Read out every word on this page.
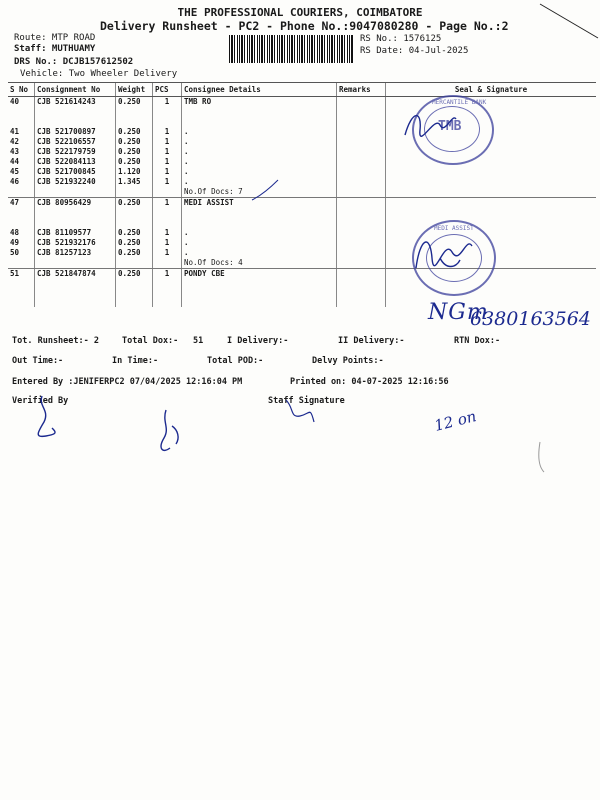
THE PROFESSIONAL COURIERS, COIMBATORE
Delivery Runsheet - PC2 - Phone No.:9047080280 - Page No.:2
Route: MTP ROAD
Staff: MUTHUAMY
DRS No.: DCJB157612502
Vehicle: Two Wheeler Delivery
RS No.: 1576125
RS Date: 04-Jul-2025
S No	Consignment No	Weight	PCS	Consignee Details	Remarks	Seal & Signature
40	CJB 521614243	0.250	1	TMB RO		

41	CJB 521700897	0.250	1	.		
42	CJB 522106557	0.250	1	.		
43	CJB 522179759	0.250	1	.		
44	CJB 522084113	0.250	1	.		
45	CJB 521700845	1.120	1	.		
46	CJB 521932240	1.345	1	.		
				No.Of Docs: 7		
47	CJB 80956429	0.250	1	MEDI ASSIST		

48	CJB 81109577	0.250	1	.		
49	CJB 521932176	0.250	1	.		
50	CJB 81257123	0.250	1	.		
				No.Of Docs: 4		
51	CJB 521847874	0.250	1	PONDY CBE		
MERCANTILE BANK
TMB
MEDI ASSIST
NGm
6380163564
Tot. Runsheet:- 2	Total Dox:- 51	I Delivery:-	II Delivery:-	RTN Dox:-
Out Time:-	In Time:-	Total POD:-	Delvy Points:-
Entered By :JENIFERPC2 07/04/2025 12:16:04 PM	Printed on: 04-07-2025 12:16:56
Verified By	Staff Signature
12 on
